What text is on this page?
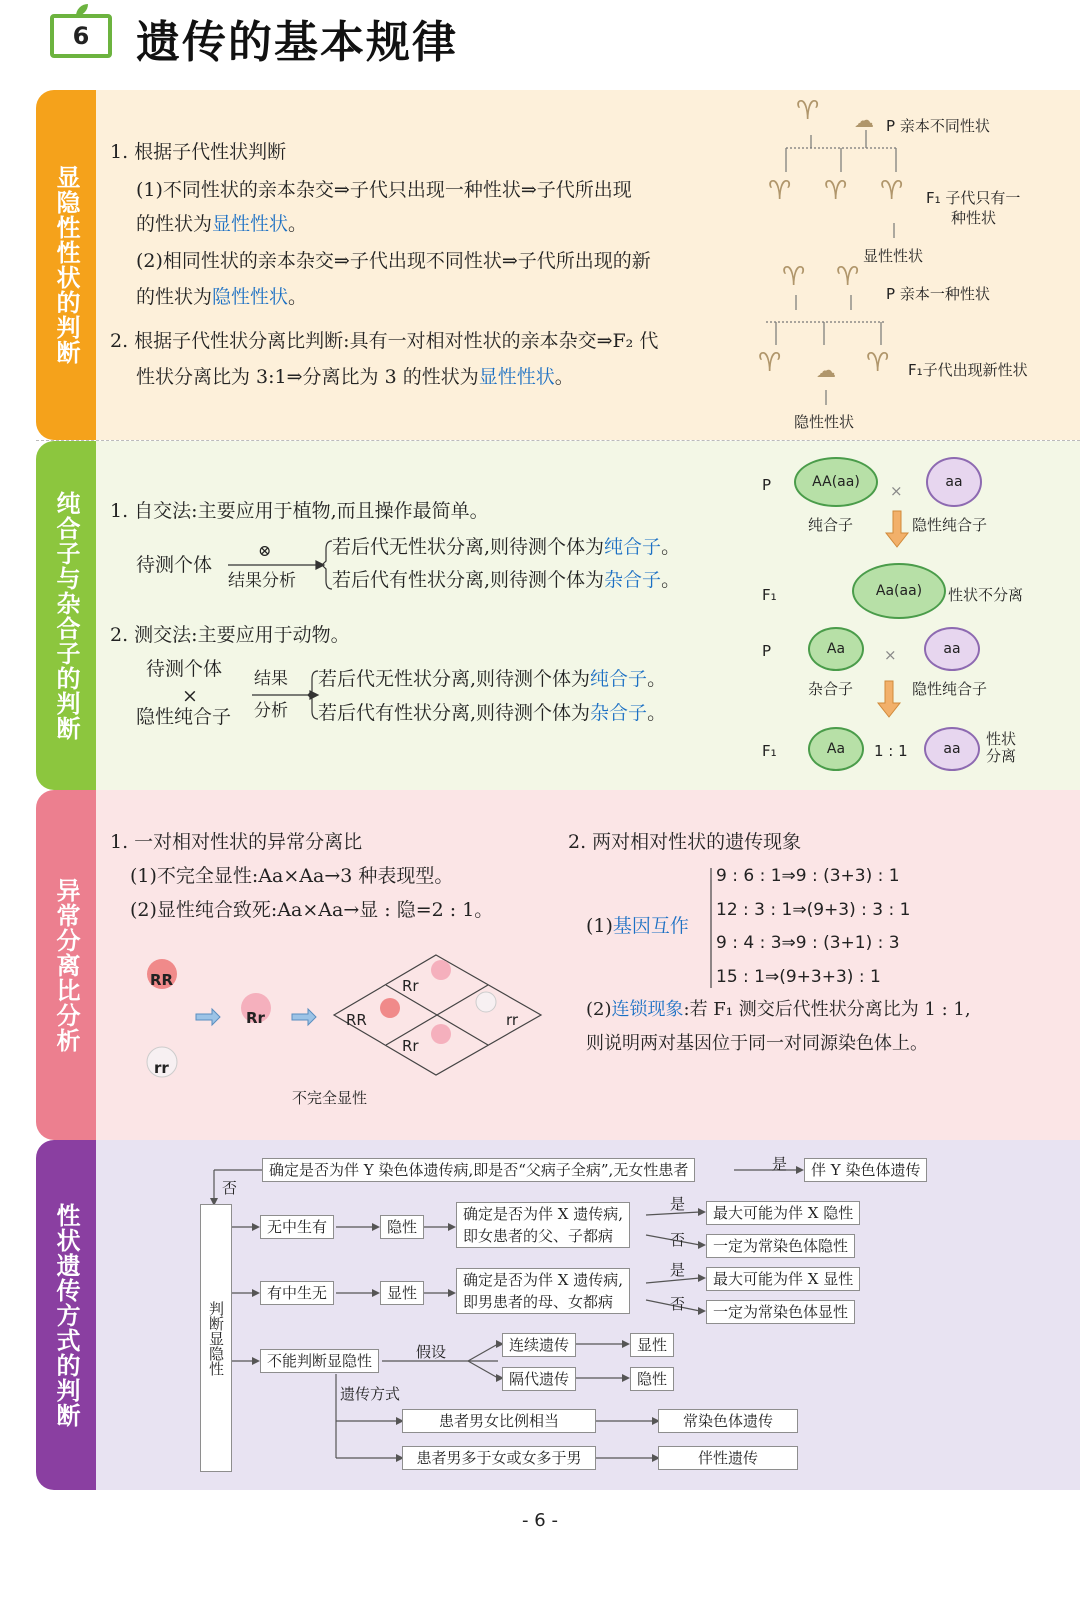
6	遗传的基本规律
显隐性性状的判断
1. 根据子代性状判断
(1)不同性状的亲本杂交⇒子代只出现一种性状⇒子代所出现
的性状为显性性状。
(2)相同性状的亲本杂交⇒子代出现不同性状⇒子代所出现的新
的性状为隐性性状。
2. 根据子代性状分离比判断:具有一对相对性状的亲本杂交⇒F₂ 代
性状分离比为 3:1⇒分离比为 3 的性状为显性性状。
♈ ☁ P 亲本不同性状
♈ ♈ ♈ F₁ 子代只有一
种性状
显性性状
♈ ♈
P 亲本一种性状
♈ ☁ ♈ F₁子代出现新性状
隐性性状
纯合子与杂合子的判断	1. 自交法:主要应用于植物,而且操作最简单。
待测个体
⊗
结果分析
若后代无性状分离,则待测个体为纯合子。
若后代有性状分离,则待测个体为杂合子。
2. 测交法:主要应用于动物。
待测个体
×
隐性纯合子
结果
分析
若后代无性状分离,则待测个体为纯合子。
若后代有性状分离,则待测个体为杂合子。
P	AA(aa)	×	aa
纯合子	隐性纯合子
F₁	Aa(aa)	性状不分离
P	Aa	×	aa
杂合子	隐性纯合子
F₁	Aa	1 : 1	aa
性状
分离
异常分离比分析
1. 一对相对性状的异常分离比
(1)不完全显性:Aa×Aa→3 种表现型。
(2)显性纯合致死:Aa×Aa→显 : 隐=2 : 1。
RR
Rr
rr
Rr
RR	rr
Rr
不完全显性
2. 两对相对性状的遗传现象
(1)基因互作
9 : 6 : 1⇒9 : (3+3) : 1
12 : 3 : 1⇒(9+3) : 3 : 1
9 : 4 : 3⇒9 : (3+1) : 3
15 : 1⇒(9+3+3) : 1
(2)连锁现象:若 F₁ 测交后代性状分离比为 1 : 1,
则说明两对基因位于同一对同源染色体上。
性状遗传方式的判断
确定是否为伴 Y 染色体遗传病,即是否“父病子全病”,无女性患者	是	伴 Y 染色体遗传
否
判断显隐性
无中生有	隐性
确定是否为伴 X 遗传病,
即女患者的父、子都病
是
否
最大可能为伴 X 隐性
一定为常染色体隐性
有中生无	显性
确定是否为伴 X 遗传病,
即男患者的母、女都病
是
否
最大可能为伴 X 显性
一定为常染色体显性
不能判断显隐性	假设	连续遗传
隔代遗传
显性
隐性
遗传方式
患者男女比例相当
患者男多于女或女多于男
常染色体遗传
伴性遗传
- 6 -
